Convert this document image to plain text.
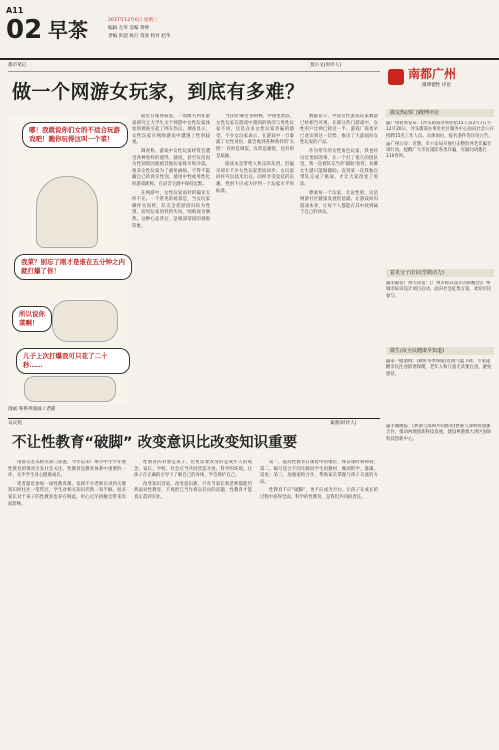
A11
02 早茶	2017年12月6日 星期三
编辑 左华 美编 黄钟
责编 彭超 执行 常欢 校对 赵华
都市笔记	莫小文(时评人)
做一个网游女玩家，到底有多难？
哪！我就说你们女的不适合玩游戏吧！瞧你玩得这叫一个菜！
我菜？别忘了刚才是谁在五分钟之内就打爆了你！
所以说你菜啊！
儿子上次打爆我可只花了二十秒……
漫画 零系列漫画 / 老猫

最近有媒体报道，一项澳大利亚游戏研究主大学生关于网游中女性玩家体验的调查引起了网友热议，调查显示，女性玩家在网络游戏中遭遇了性别歧视。

调查称，游戏中女性玩家经常会遭受各种各样的谩骂、骚扰，甚至仅仅因为性别原因就被其他玩家排斥和冷落。很多女性玩家为了避免麻烦，不得不隐藏自己的真实性别，使用中性或男性化的游戏昵称，在语音交流中保持沉默。

在网游中，女性玩家面对的偏见无所不在。一个常见的场景是，当女玩家操作失误时，队友会把原因归结为性别，而男玩家同样的失误，则被视为偶然。这种心态背后，是根深蒂固的刻板印象。

当我说'哪里'的时候，中国也类似。女性玩家在游戏中遇到的情况与男性玩家不同，这是众多女性玩家普遍的感受。不少女玩家表示，在游戏中一旦暴露了女性身份，就会收到各种各样的'关照'：有的是调侃，有的是骚扰，也有的是质疑。

游戏本是带给人快乐的东西，但偏见却让不少女性玩家望而却步。女玩家同样可以技术出众，同样享受竞技的乐趣。性别不应成为评判一个玩家水平的标准。

数据显示，中国女性游戏玩家数量已经相当可观，在部分热门游戏中，女性用户比例已接近一半。游戏厂商也早已意识到这一趋势，推出了大量面向女性玩家的产品。

作为常年的女性角色玩家，我也经历过类似的事。在一个打了很久的团队里，我一直被队友当作'辅助'看待，仿佛女生就只能做辅助。直到某一次我独自带队完成了挑战，才让大家改变了看法。

尊重每一个玩家，无论性别，这是网游社区健康发展的基础。让游戏回归游戏本身，让每个人都能在其中找到属于自己的快乐。

南都广州
微博德性 评论
微友热(部门)微博评论
@广州看黄发布：[沙头街道办事处招15人]12月7日至12月20日，沙头街道办事处社区服务中心面向社会公开招聘15名工作人员。具体岗位、报名条件等详见公告。
@广州公安：近期，市公安局开展打击整治养老诈骗专项行动，提醒广大市民谨防各类诈骗，有疑问请拨打110咨询。
意见分子(旧决型微动力)
@荣毅发广州大读馆：[广州市标识设计的新概念]广州城市标识设计项目启动，面向社会征集方案，欢迎市民参与。
微生活(全民健康早知道)
@第一健康网：[做好冬季保暖]近期气温下降，专家提醒市民注意防寒保暖，老年人和儿童尤其要注意，避免感冒。
@羊城晚报：[香港与深圳共同推动]香港与深圳将加强合作，推动两地创新科技发展，建设粤港澳大湾区国际科技创新中心。
众议苑	秦蕾(时评人)
不让性教育“破脚” 改变意识比改变知识重要

南都记者从相关部门获悉，今年以来广州市中小学开展性教育的情况引发社会关注。性教育是教育体系中重要的一环，关乎学生身心健康成长。

笔者最近参加一场性教育课，发现不少老师在讲到关键知识时往往一笔带过，学生对相关知识仍然一知半解。很多家长对于孩子的性教育也存在顾虑，担心过早接触会带来负面影响。

性教育的对象是孩子，但更需要改变的是成年人的观念。家长、学校、社会应当共同营造开放、科学的环境，让孩子在正确的引导下了解自己的身体，学会保护自己。

改变知识容易，改变意识难。只有当家长和老师都能坦然面对性教育，不再把它当作难以启齿的话题，性教育才能真正落到实处。

第一，提高性教育在课程中的地位，保证课时和师资；第二，编写适合不同年龄段学生的教材，做到科学、准确、适度；第三，加强家校合作，帮助家长掌握与孩子交流的方法。

性教育不应“破脚”，更不应成为空白。让孩子在成长的过程中获得全面、科学的性教育，是我们共同的责任。
